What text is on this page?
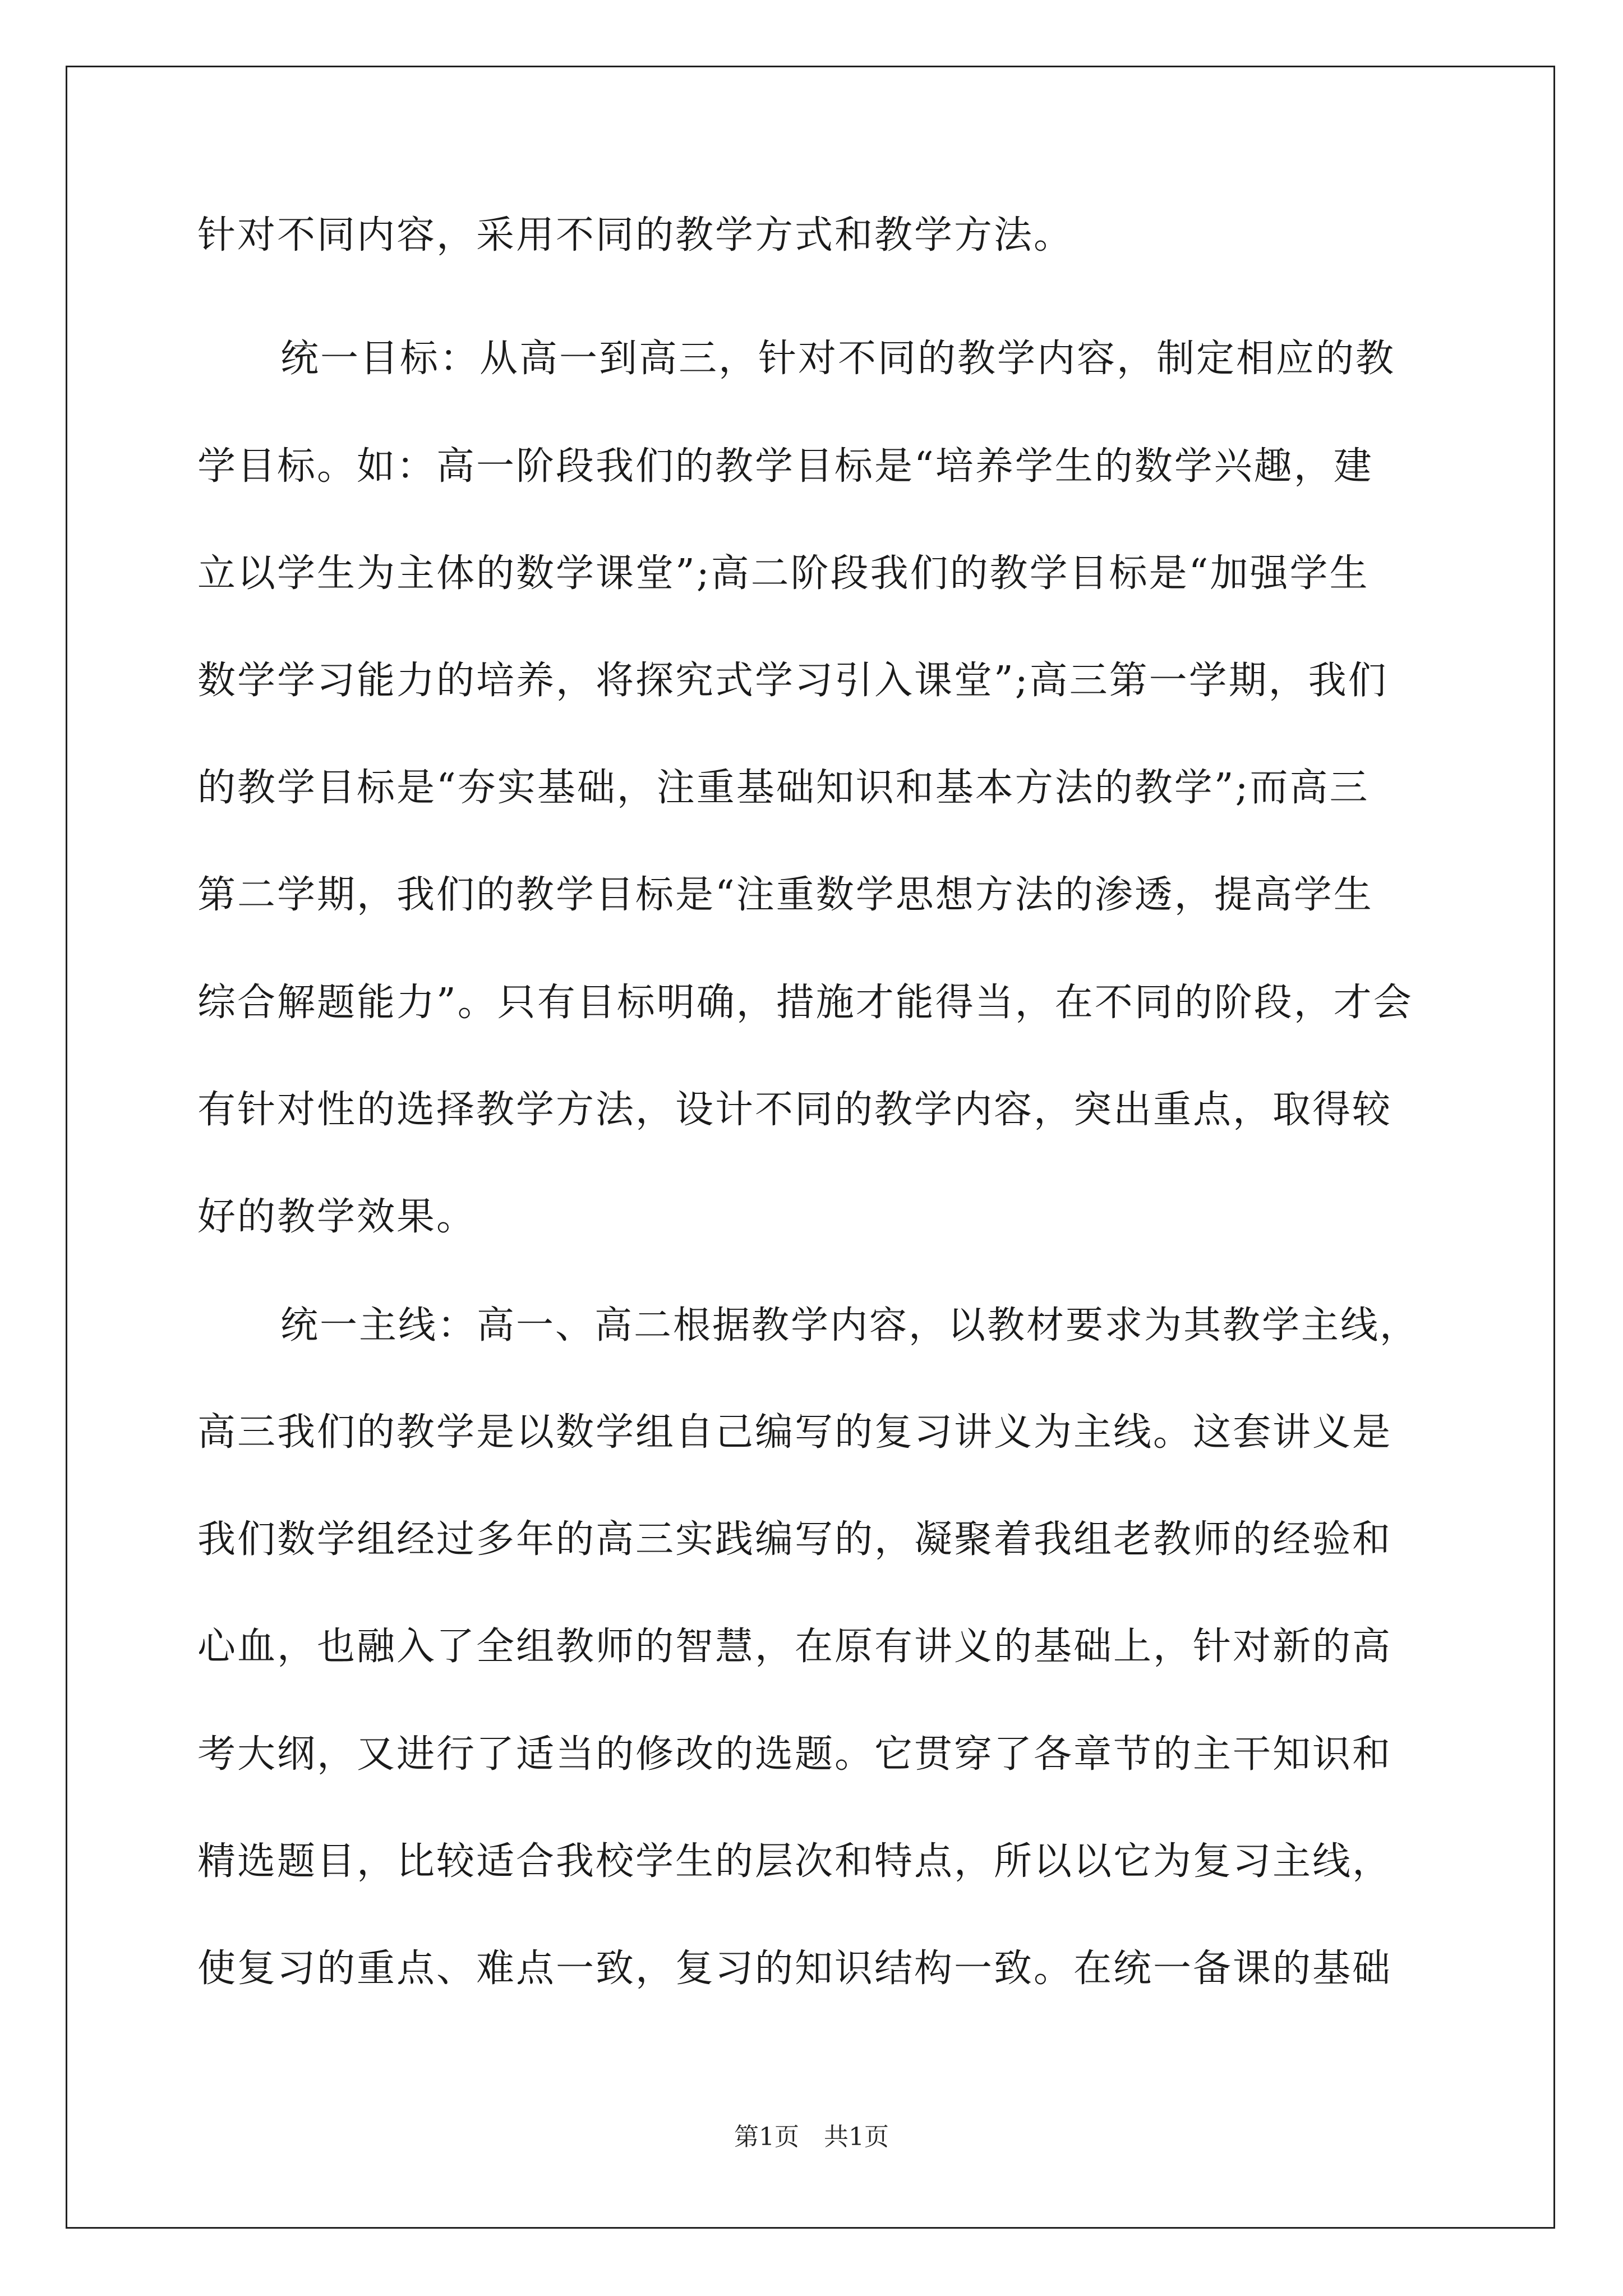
针对不同内容，采用不同的教学方式和教学方法。
统一目标：从高一到高三，针对不同的教学内容，制定相应的教
学目标。如：高一阶段我们的教学目标是“培养学生的数学兴趣，建
立以学生为主体的数学课堂”;高二阶段我们的教学目标是“加强学生
数学学习能力的培养，将探究式学习引入课堂”;高三第一学期，我们
的教学目标是“夯实基础，注重基础知识和基本方法的教学”;而高三
第二学期，我们的教学目标是“注重数学思想方法的渗透，提高学生
综合解题能力”。只有目标明确，措施才能得当，在不同的阶段，才会
有针对性的选择教学方法，设计不同的教学内容，突出重点，取得较
好的教学效果。
统一主线：高一、高二根据教学内容，以教材要求为其教学主线，
高三我们的教学是以数学组自己编写的复习讲义为主线。这套讲义是
我们数学组经过多年的高三实践编写的，凝聚着我组老教师的经验和
心血，也融入了全组教师的智慧，在原有讲义的基础上，针对新的高
考大纲，又进行了适当的修改的选题。它贯穿了各章节的主干知识和
精选题目，比较适合我校学生的层次和特点，所以以它为复习主线，
使复习的重点、难点一致，复习的知识结构一致。在统一备课的基础
第1页　共1页
